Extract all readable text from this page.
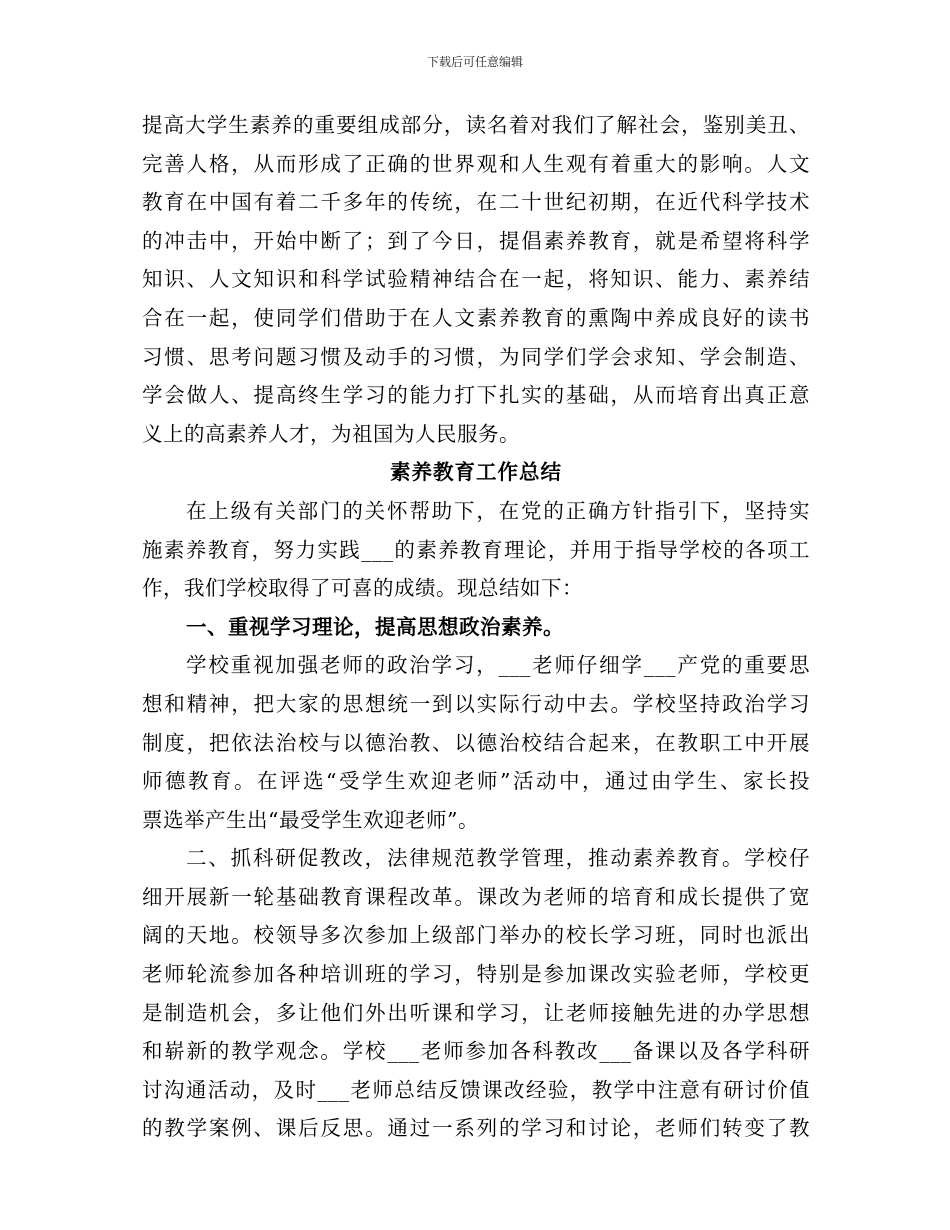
下载后可任意编辑
提高大学生素养的重要组成部分，读名着对我们了解社会，鉴别美丑、
完善人格，从而形成了正确的世界观和人生观有着重大的影响。人文
教育在中国有着二千多年的传统，在二十世纪初期，在近代科学技术
的冲击中，开始中断了；到了今日，提倡素养教育，就是希望将科学
知识、人文知识和科学试验精神结合在一起，将知识、能力、素养结
合在一起，使同学们借助于在人文素养教育的熏陶中养成良好的读书
习惯、思考问题习惯及动手的习惯，为同学们学会求知、学会制造、
学会做人、提高终生学习的能力打下扎实的基础，从而培育出真正意
义上的高素养人才，为祖国为人民服务。
素养教育工作总结
在上级有关部门的关怀帮助下，在党的正确方针指引下，坚持实
施素养教育，努力实践___的素养教育理论，并用于指导学校的各项工
作，我们学校取得了可喜的成绩。现总结如下：
一、重视学习理论，提高思想政治素养。
学校重视加强老师的政治学习，___老师仔细学___产党的重要思
想和精神，把大家的思想统一到以实际行动中去。学校坚持政治学习
制度，把依法治校与以德治教、以德治校结合起来，在教职工中开展
师德教育。在评选“受学生欢迎老师”活动中，通过由学生、家长投
票选举产生出“最受学生欢迎老师”。
二、抓科研促教改，法律规范教学管理，推动素养教育。学校仔
细开展新一轮基础教育课程改革。课改为老师的培育和成长提供了宽
阔的天地。校领导多次参加上级部门举办的校长学习班，同时也派出
老师轮流参加各种培训班的学习，特别是参加课改实验老师，学校更
是制造机会，多让他们外出听课和学习，让老师接触先进的办学思想
和崭新的教学观念。学校___老师参加各科教改___备课以及各学科研
讨沟通活动，及时___老师总结反馈课改经验，教学中注意有研讨价值
的教学案例、课后反思。通过一系列的学习和讨论，老师们转变了教
